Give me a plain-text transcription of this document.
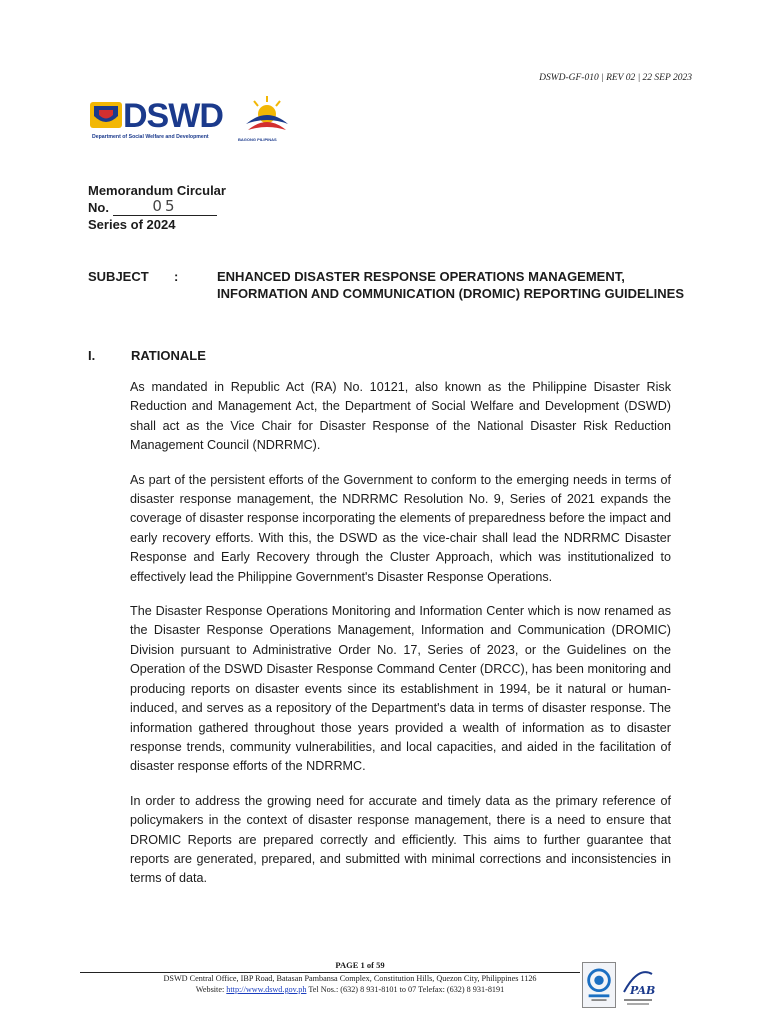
DSWD-GF-010 | REV 02 | 22 SEP 2023
DSWD
Department of Social Welfare and Development	BAGONG PILIPINAS
Memorandum Circular
No.	05
Series of 2024
SUBJECT :	ENHANCED DISASTER RESPONSE OPERATIONS MANAGEMENT, INFORMATION AND COMMUNICATION (DROMIC) REPORTING GUIDELINES
I.	RATIONALE

As mandated in Republic Act (RA) No. 10121, also known as the Philippine Disaster Risk Reduction and Management Act, the Department of Social Welfare and Development (DSWD) shall act as the Vice Chair for Disaster Response of the National Disaster Risk Reduction Management Council (NDRRMC).

As part of the persistent efforts of the Government to conform to the emerging needs in terms of disaster response management, the NDRRMC Resolution No. 9, Series of 2021 expands the coverage of disaster response incorporating the elements of preparedness before the impact and early recovery efforts. With this, the DSWD as the vice-chair shall lead the NDRRMC Disaster Response and Early Recovery through the Cluster Approach, which was institutionalized to effectively lead the Philippine Government's Disaster Response Operations.

The Disaster Response Operations Monitoring and Information Center which is now renamed as the Disaster Response Operations Management, Information and Communication (DROMIC) Division pursuant to Administrative Order No. 17, Series of 2023, or the Guidelines on the Operation of the DSWD Disaster Response Command Center (DRCC), has been monitoring and producing reports on disaster events since its establishment in 1994, be it natural or human-induced, and serves as a repository of the Department's data in terms of disaster response. The information gathered throughout those years provided a wealth of information as to disaster response trends, community vulnerabilities, and local capacities, and aided in the facilitation of disaster response efforts of the NDRRMC.

In order to address the growing need for accurate and timely data as the primary reference of policymakers in the context of disaster response management, there is a need to ensure that DROMIC Reports are prepared correctly and efficiently. This aims to further guarantee that reports are generated, prepared, and submitted with minimal corrections and inconsistencies in terms of data.

PAGE 1 of 59
DSWD Central Office, IBP Road, Batasan Pambansa Complex, Constitution Hills, Quezon City, Philippines 1126
Website: http://www.dswd.gov.ph Tel Nos.: (632) 8 931-8101 to 07 Telefax: (632) 8 931-8191	PAB
